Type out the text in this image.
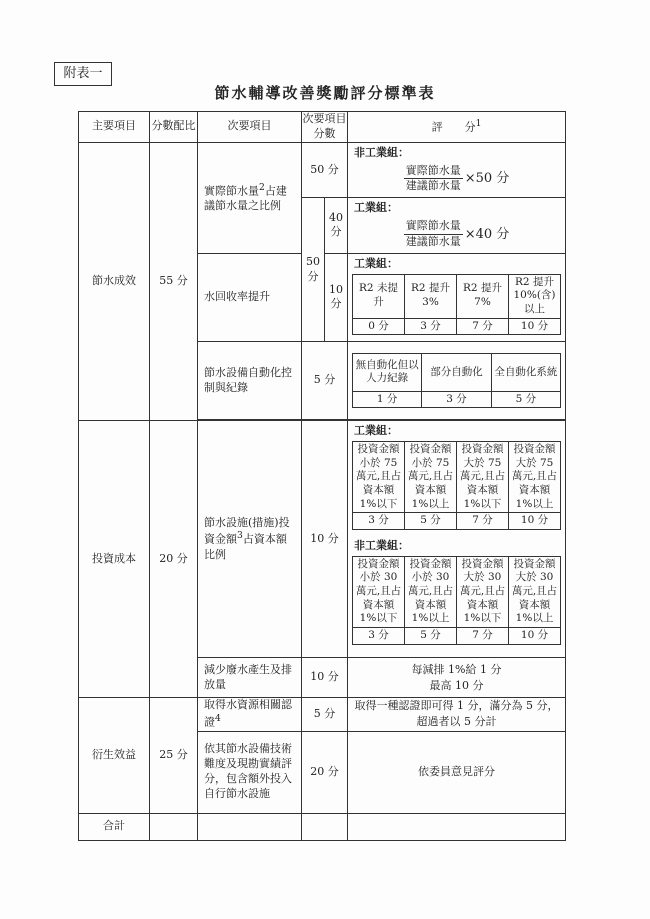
附表一
節水輔導改善獎勵評分標準表
主要項目	分數配比	次要項目	次要項目分數	評　　分$^1$
節水成效	55 分	實際節水量$^2$占建議節水量之比例	50 分	
非工業組：
$\frac{\text{實際節水量}}{\text{建議節水量}} \times 50$ 分

50 分	40 分	
工業組：
$\frac{\text{實際節水量}}{\text{建議節水量}} \times 40$ 分

水回收率提升	10 分	
工業組：
R2 未提升	R2 提升 3%	R2 提升 7%	R2 提升 10%(含)以上
0 分	3 分	7 分	10 分

節水設備自動化控制與紀錄	5 分	
無自動化但以人力紀錄	部分自動化	全自動化系統
1 分	3 分	5 分

投資成本	20 分	節水設施(措施)投資金額$^3$占資本額比例	10 分	
工業組：
投資金額小於 75 萬元,且占資本額 1%以下	投資金額小於 75 萬元,且占資本額 1%以上	投資金額大於 75 萬元,且占資本額 1%以下	投資金額大於 75 萬元,且占資本額 1%以上
3 分	5 分	7 分	10 分
非工業組：
投資金額小於 30 萬元,且占資本額 1%以下	投資金額小於 30 萬元,且占資本額 1%以上	投資金額大於 30 萬元,且占資本額 1%以下	投資金額大於 30 萬元,且占資本額 1%以上
3 分	5 分	7 分	10 分

減少廢水產生及排放量	10 分	
每減排 1%給 1 分
最高 10 分

衍生效益	25 分	取得水資源相關認證$^4$	5 分	
取得一種認證即可得 1 分，滿分為 5 分，
超過者以 5 分計

依其節水設備技術難度及現勘實績評分，包含額外投入自行節水設施	20 分	依委員意見評分
合計				
